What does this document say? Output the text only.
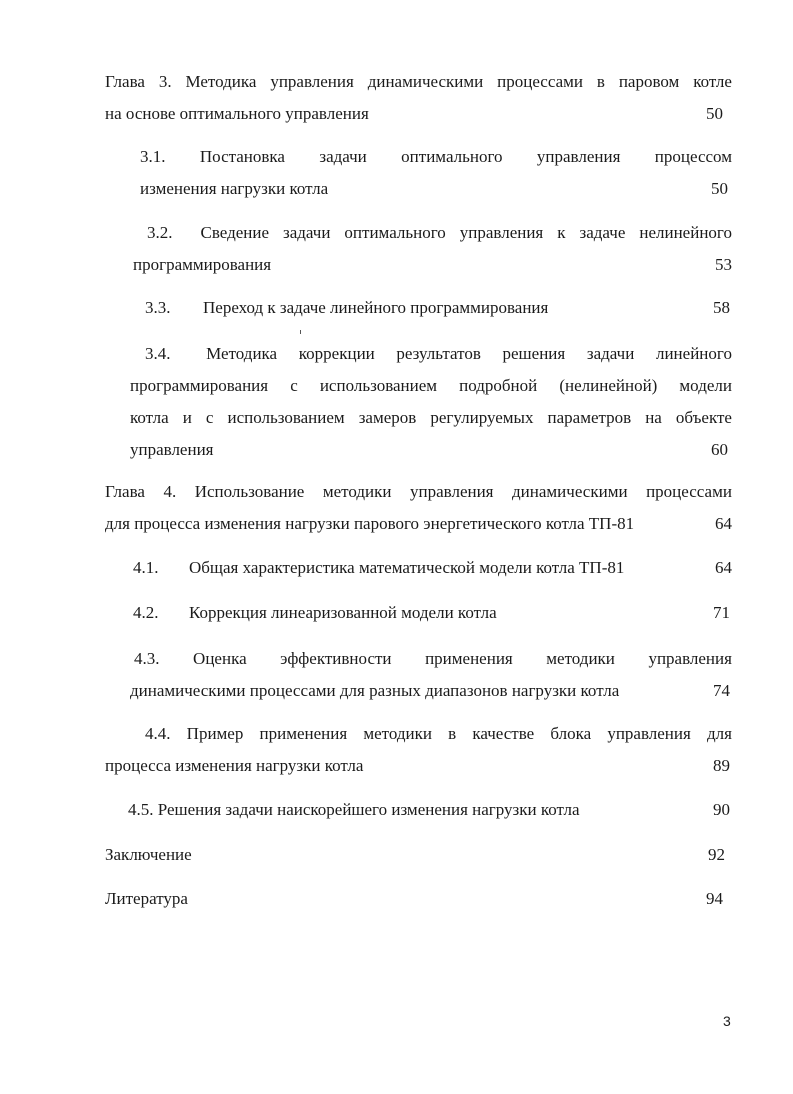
Глава 3. Методика управления динамическими процессами в паровом котле
на основе оптимального управления	50
3.1. Постановка задачи оптимального управления процессом
изменения нагрузки котла	50
3.2. Сведение задачи оптимального управления к задаче нелинейного
программирования	53
3.3.	Переход к задаче линейного программирования	58
3.4. Методика коррекции результатов решения задачи линейного
программирования с использованием подробной (нелинейной) модели
котла и с использованием замеров регулируемых параметров на объекте
управления	60
Глава 4. Использование методики управления динамическими процессами
для процесса изменения нагрузки парового энергетического котла ТП-81	64
4.1.	Общая характеристика математической модели котла ТП-81	64
4.2.	Коррекция линеаризованной модели котла	71
4.3. Оценка эффективности применения методики управления
динамическими процессами для разных диапазонов нагрузки котла	74
4.4. Пример применения методики в качестве блока управления для
процесса изменения нагрузки котла	89
4.5. Решения задачи наискорейшего изменения нагрузки котла	90
Заключение	92
Литература	94
3
